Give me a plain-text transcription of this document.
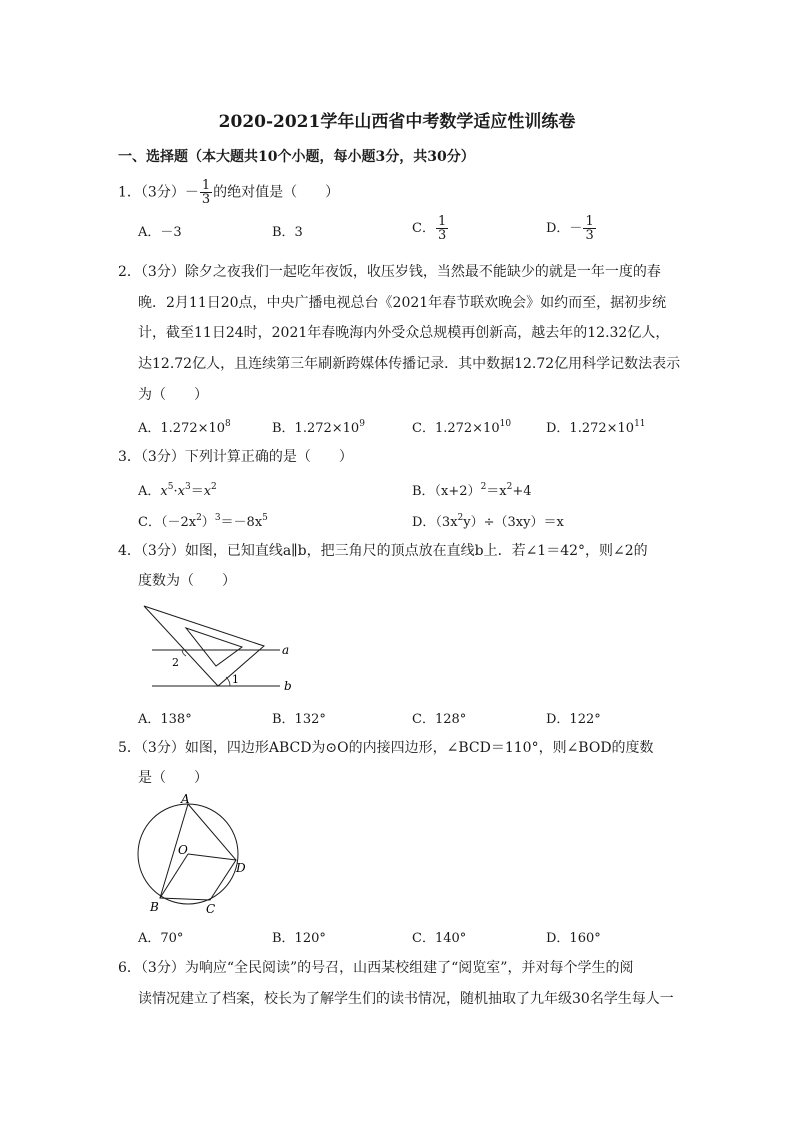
2020-2021学年山西省中考数学适应性训练卷
一、选择题（本大题共10个小题，每小题3分，共30分）
1．（3分）－ $\frac{1}{3}$ 的绝对值是（　　）
A．－3	B．3	C． $\frac{1}{3}$	D．－ $\frac{1}{3}$
2．（3分）除夕之夜我们一起吃年夜饭，收压岁钱，当然最不能缺少的就是一年一度的春
晚．2月11日20点，中央广播电视总台《2021年春节联欢晚会》如约而至，据初步统
计，截至11日24时，2021年春晚海内外受众总规模再创新高，越去年的12.32亿人，
达12.72亿人，且连续第三年刷新跨媒体传播记录．其中数据12.72亿用科学记数法表示
为（　　）
A．$1.272\times 10^8$	B．$1.272\times 10^9$	C．$1.272\times 10^{10}$	D．$1.272\times 10^{11}$
3．（3分）下列计算正确的是（　　）
A．$x^5\cdot x^3=x^2$	B．$(x+2)^2=x^2+4$
C．$(-2x^2)^3=-8x^5$	D．$(3x^2y)\div(3xy)=x$
4．（3分）如图，已知直线a∥b，把三角尺的顶点放在直线b上．若∠1＝42°，则∠2的
度数为（　　）
a
b
1
2
A．138°	B．132°	C．128°	D．122°
5．（3分）如图，四边形ABCD为⊙O的内接四边形，∠BCD＝110°，则∠BOD的度数
是（　　）
A
B	C
D
O
A．70°	B．120°	C．140°	D．160°
6．（3分）为响应“全民阅读”的号召，山西某校组建了“阅览室”，并对每个学生的阅
读情况建立了档案，校长为了解学生们的读书情况，随机抽取了九年级30名学生每人一
